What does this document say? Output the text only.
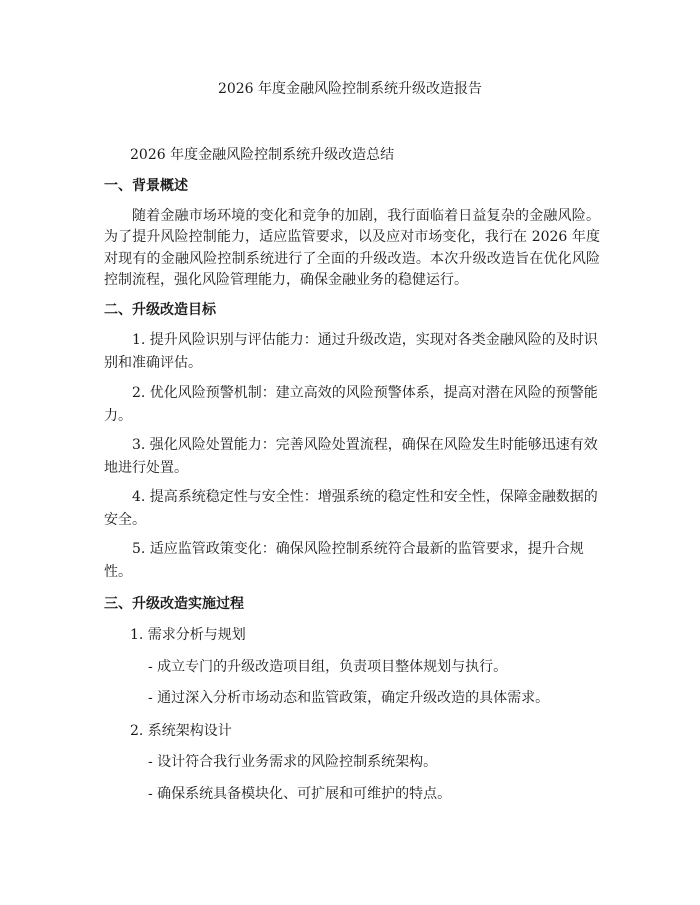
2026 年度金融风险控制系统升级改造报告
2026 年度金融风险控制系统升级改造总结
一、背景概述
随着金融市场环境的变化和竞争的加剧，我行面临着日益复杂的金融风险。为了提升风险控制能力，适应监管要求，以及应对市场变化，我行在 2026 年度对现有的金融风险控制系统进行了全面的升级改造。本次升级改造旨在优化风险控制流程，强化风险管理能力，确保金融业务的稳健运行。
二、升级改造目标
1. 提升风险识别与评估能力：通过升级改造，实现对各类金融风险的及时识别和准确评估。
2. 优化风险预警机制：建立高效的风险预警体系，提高对潜在风险的预警能力。
3. 强化风险处置能力：完善风险处置流程，确保在风险发生时能够迅速有效地进行处置。
4. 提高系统稳定性与安全性：增强系统的稳定性和安全性，保障金融数据的安全。
5. 适应监管政策变化：确保风险控制系统符合最新的监管要求，提升合规性。
三、升级改造实施过程
1. 需求分析与规划
- 成立专门的升级改造项目组，负责项目整体规划与执行。
- 通过深入分析市场动态和监管政策，确定升级改造的具体需求。
2. 系统架构设计
- 设计符合我行业务需求的风险控制系统架构。
- 确保系统具备模块化、可扩展和可维护的特点。
